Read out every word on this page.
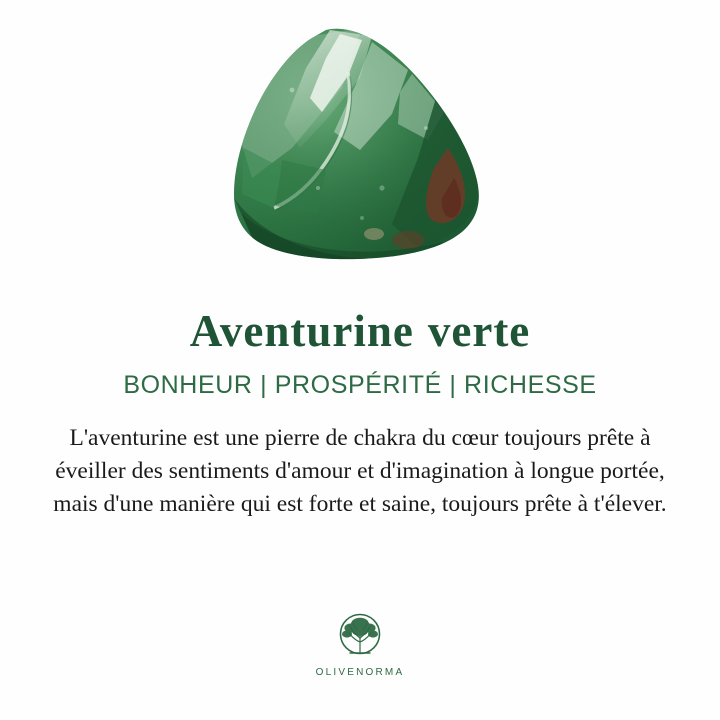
Aventurine verte
BONHEUR | PROSPÉRITÉ | RICHESSE
L'aventurine est une pierre de chakra du cœur toujours prête à éveiller des sentiments d'amour et d'imagination à longue portée, mais d'une manière qui est forte et saine, toujours prête à t'élever.
OLIVENORMA
